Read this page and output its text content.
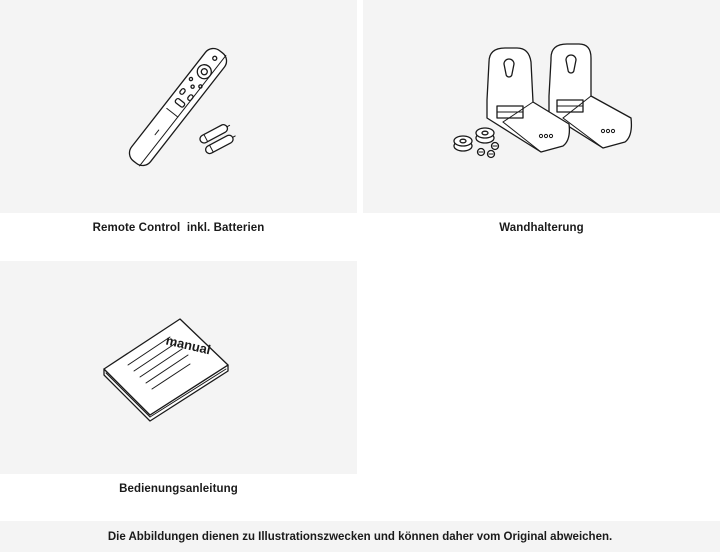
Remote Control  inkl. Batterien	Wandhalterung
manual
Bedienungsanleitung
Die Abbildungen dienen zu Illustrationszwecken und können daher vom Original abweichen.
